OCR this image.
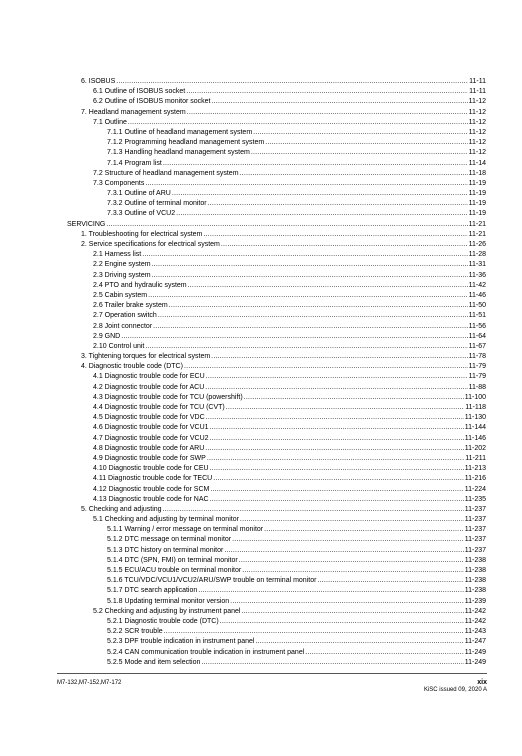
6. ISOBUS .....	11-11
6.1 Outline of ISOBUS socket .....	11-11
6.2 Outline of ISOBUS monitor socket .....	11-12
7. Headland management system .....	11-12
7.1 Outline .....	11-12
7.1.1 Outline of headland management system .....	11-12
7.1.2 Programming headland management system .....	11-12
7.1.3 Handling headland management system .....	11-12
7.1.4 Program list .....	11-14
7.2 Structure of headland management system .....	11-18
7.3 Components .....	11-19
7.3.1 Outline of ARU .....	11-19
7.3.2 Outline of terminal monitor .....	11-19
7.3.3 Outline of VCU2 .....	11-19
SERVICING .....	11-21
1. Troubleshooting for electrical system .....	11-21
2. Service specifications for electrical system .....	11-26
2.1 Harness list .....	11-28
2.2 Engine system .....	11-31
2.3 Driving system .....	11-36
2.4 PTO and hydraulic system .....	11-42
2.5 Cabin system .....	11-46
2.6 Trailer brake system .....	11-50
2.7 Operation switch .....	11-51
2.8 Joint connector .....	11-56
2.9 GND .....	11-64
2.10 Control unit .....	11-67
3. Tightening torques for electrical system .....	11-78
4. Diagnostic trouble code (DTC) .....	11-79
4.1 Diagnostic trouble code for ECU .....	11-79
4.2 Diagnostic trouble code for ACU .....	11-88
4.3 Diagnostic trouble code for TCU (powershift) .....	11-100
4.4 Diagnostic trouble code for TCU (CVT) .....	11-118
4.5 Diagnostic trouble code for VDC .....	11-130
4.6 Diagnostic trouble code for VCU1 .....	11-144
4.7 Diagnostic trouble code for VCU2 .....	11-146
4.8 Diagnostic trouble code for ARU .....	11-202
4.9 Diagnostic trouble code for SWP .....	11-211
4.10 Diagnostic trouble code for CEU .....	11-213
4.11 Diagnostic trouble code for TECU .....	11-216
4.12 Diagnostic trouble code for SCM .....	11-224
4.13 Diagnostic trouble code for NAC .....	11-235
5. Checking and adjusting .....	11-237
5.1 Checking and adjusting by terminal monitor .....	11-237
5.1.1 Warning / error message on terminal monitor .....	11-237
5.1.2 DTC message on terminal monitor .....	11-237
5.1.3 DTC history on terminal monitor .....	11-237
5.1.4 DTC (SPN, FMI) on terminal monitor .....	11-238
5.1.5 ECU/ACU trouble on terminal monitor .....	11-238
5.1.6 TCU/VDC/VCU1/VCU2/ARU/SWP trouble on terminal monitor .....	11-238
5.1.7 DTC search application .....	11-238
5.1.8 Updating terminal monitor version .....	11-239
5.2 Checking and adjusting by instrument panel .....	11-242
5.2.1 Diagnostic trouble code (DTC) .....	11-242
5.2.2 SCR trouble .....	11-243
5.2.3 DPF trouble indication in instrument panel .....	11-247
5.2.4 CAN communication trouble indication in instrument panel .....	11-249
5.2.5 Mode and item selection .....	11-249
M7-132,M7-152,M7-172	xix
KiSC issued 09, 2020 A
